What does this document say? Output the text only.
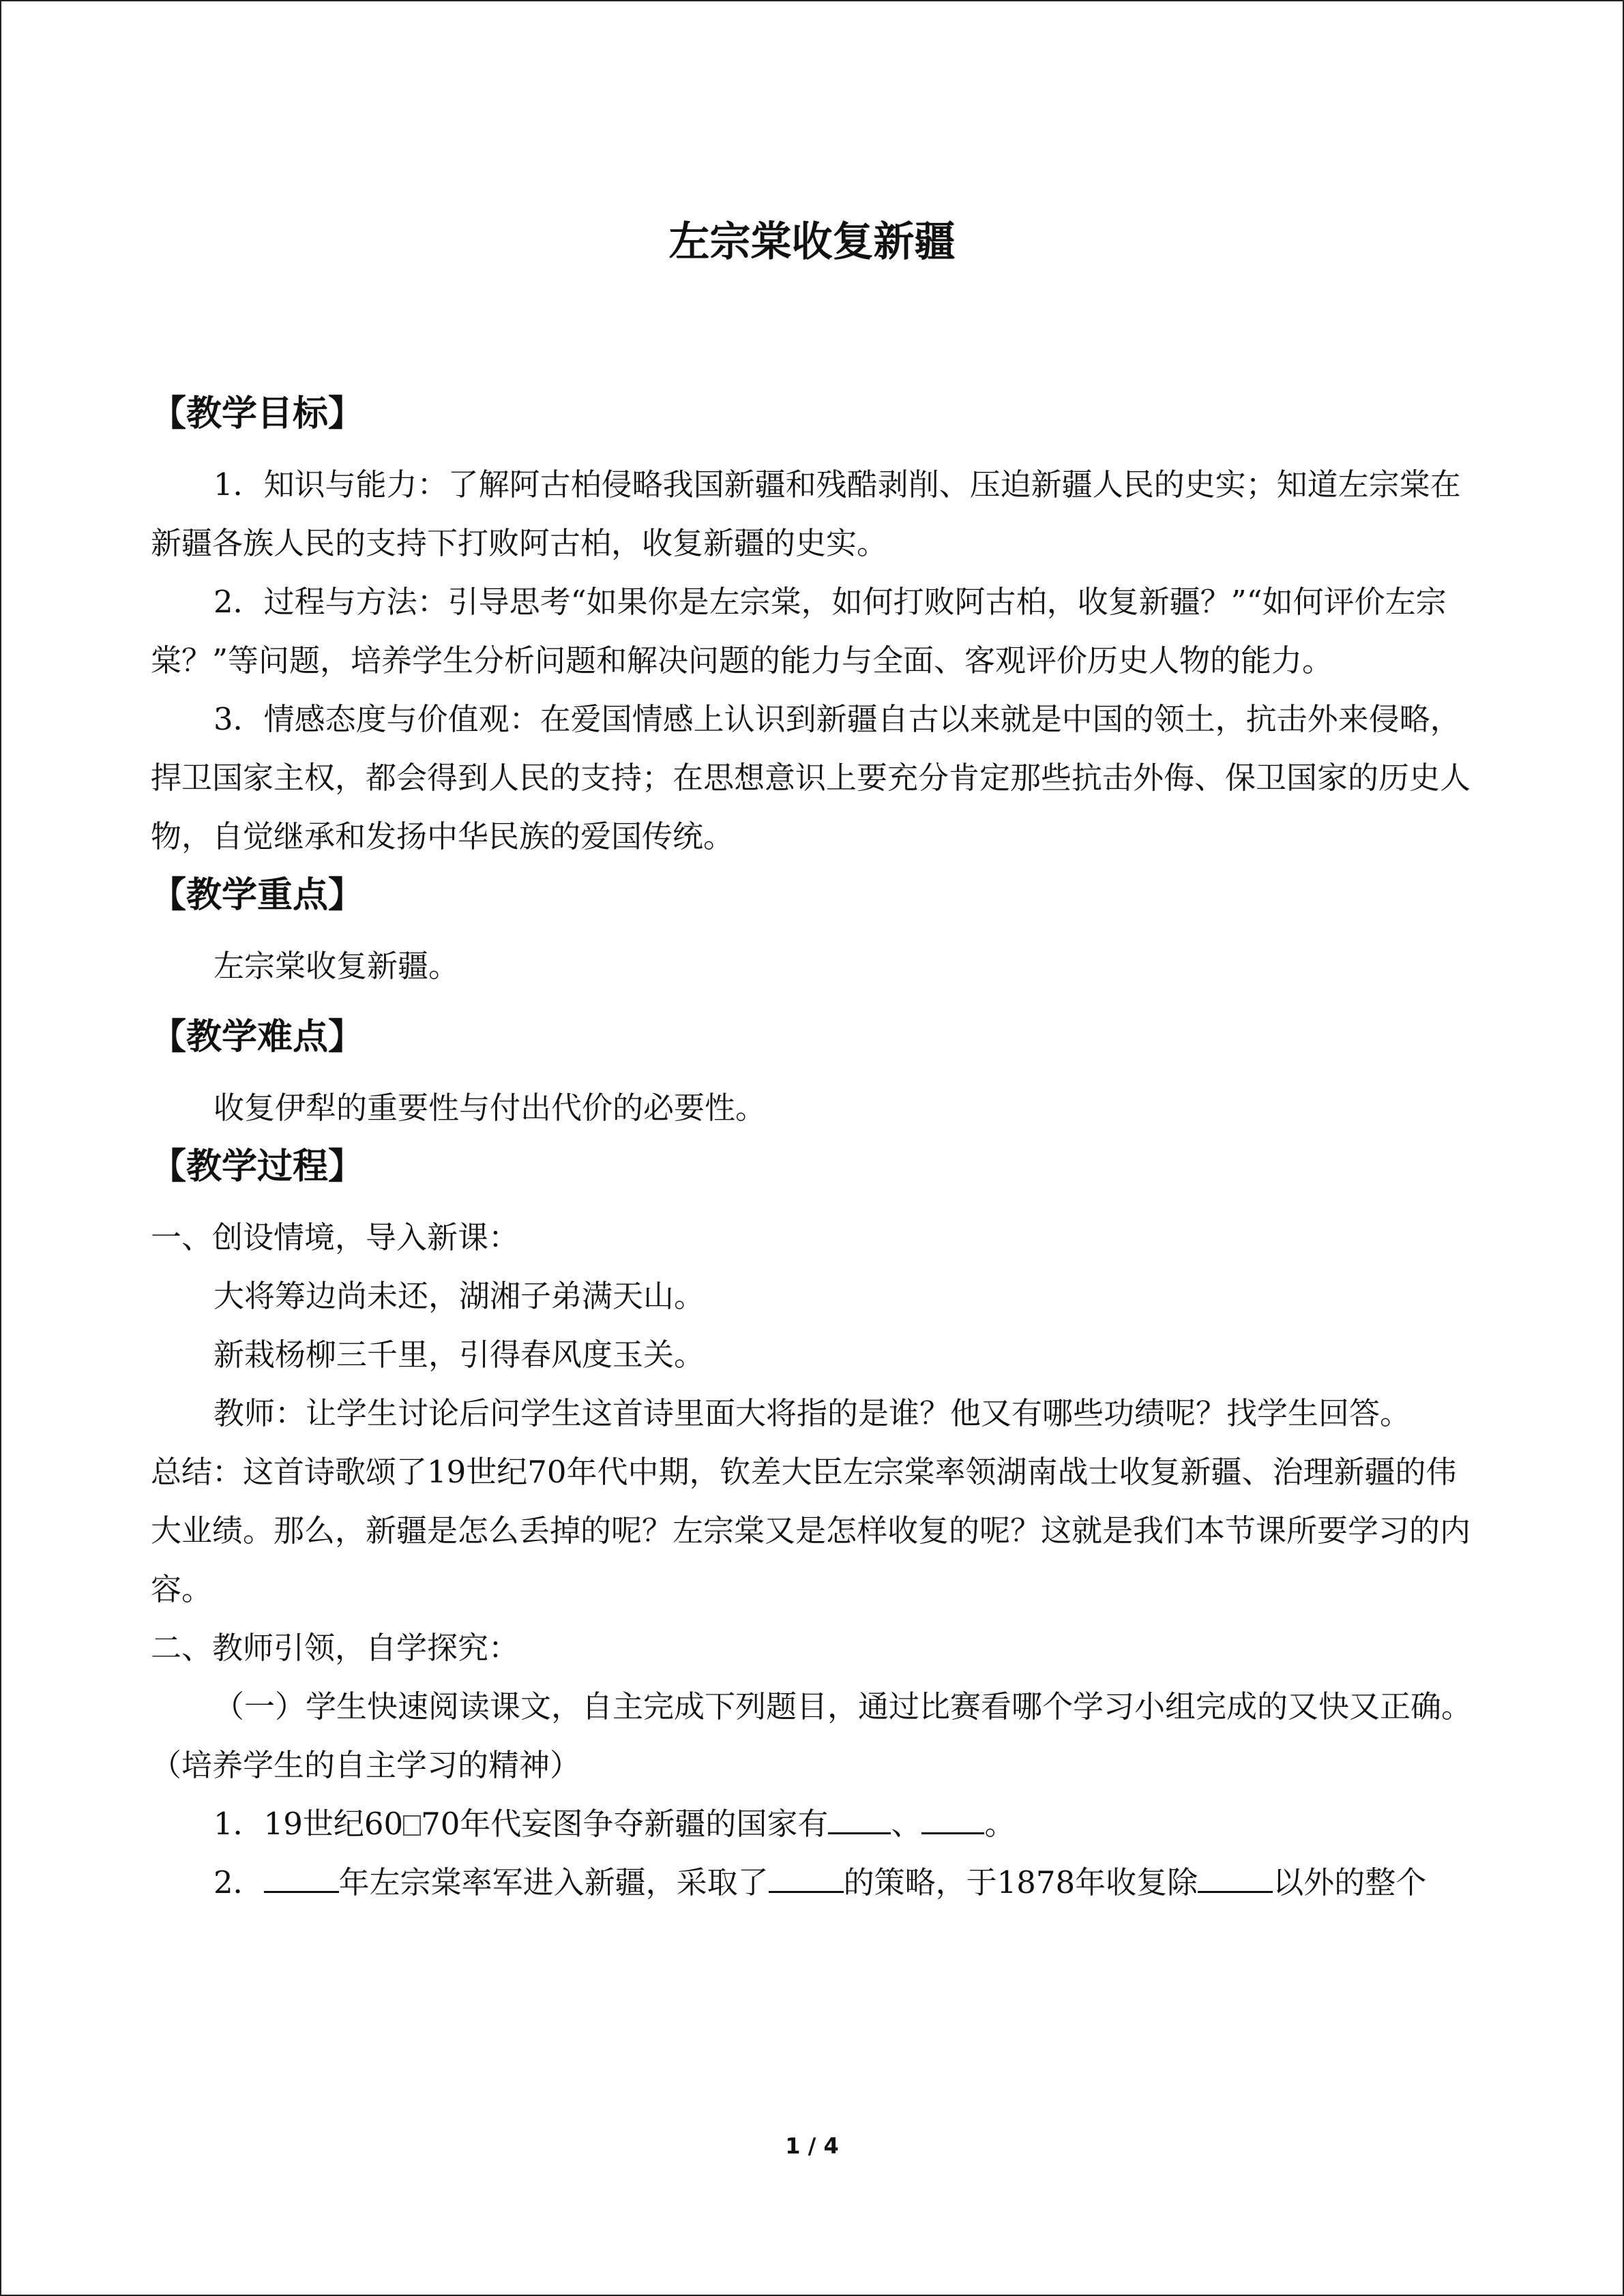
左宗棠收复新疆
【教学目标】

1．知识与能力：了解阿古柏侵略我国新疆和残酷剥削、压迫新疆人民的史实；知道左宗棠在新疆各族人民的支持下打败阿古柏，收复新疆的史实。

2．过程与方法：引导思考“如果你是左宗棠，如何打败阿古柏，收复新疆？”“如何评价左宗棠？”等问题，培养学生分析问题和解决问题的能力与全面、客观评价历史人物的能力。

3．情感态度与价值观：在爱国情感上认识到新疆自古以来就是中国的领土，抗击外来侵略，捍卫国家主权，都会得到人民的支持；在思想意识上要充分肯定那些抗击外侮、保卫国家的历史人物，自觉继承和发扬中华民族的爱国传统。

【教学重点】

左宗棠收复新疆。

【教学难点】

收复伊犁的重要性与付出代价的必要性。

【教学过程】

一、创设情境，导入新课：

大将筹边尚未还，湖湘子弟满天山。

新栽杨柳三千里，引得春风度玉关。

教师：让学生讨论后问学生这首诗里面大将指的是谁？他又有哪些功绩呢？找学生回答。

总结：这首诗歌颂了19世纪70年代中期，钦差大臣左宗棠率领湖南战士收复新疆、治理新疆的伟大业绩。那么，新疆是怎么丢掉的呢？左宗棠又是怎样收复的呢？这就是我们本节课所要学习的内容。

二、教师引领，自学探究：

（一）学生快速阅读课文，自主完成下列题目，通过比赛看哪个学习小组完成的又快又正确。（培养学生的自主学习的精神）

1．19世纪60 70年代妄图争夺新疆的国家有 、 。

2． 年左宗棠率军进入新疆，采取了 的策略，于1878年收复除 以外的整个

1 / 4
